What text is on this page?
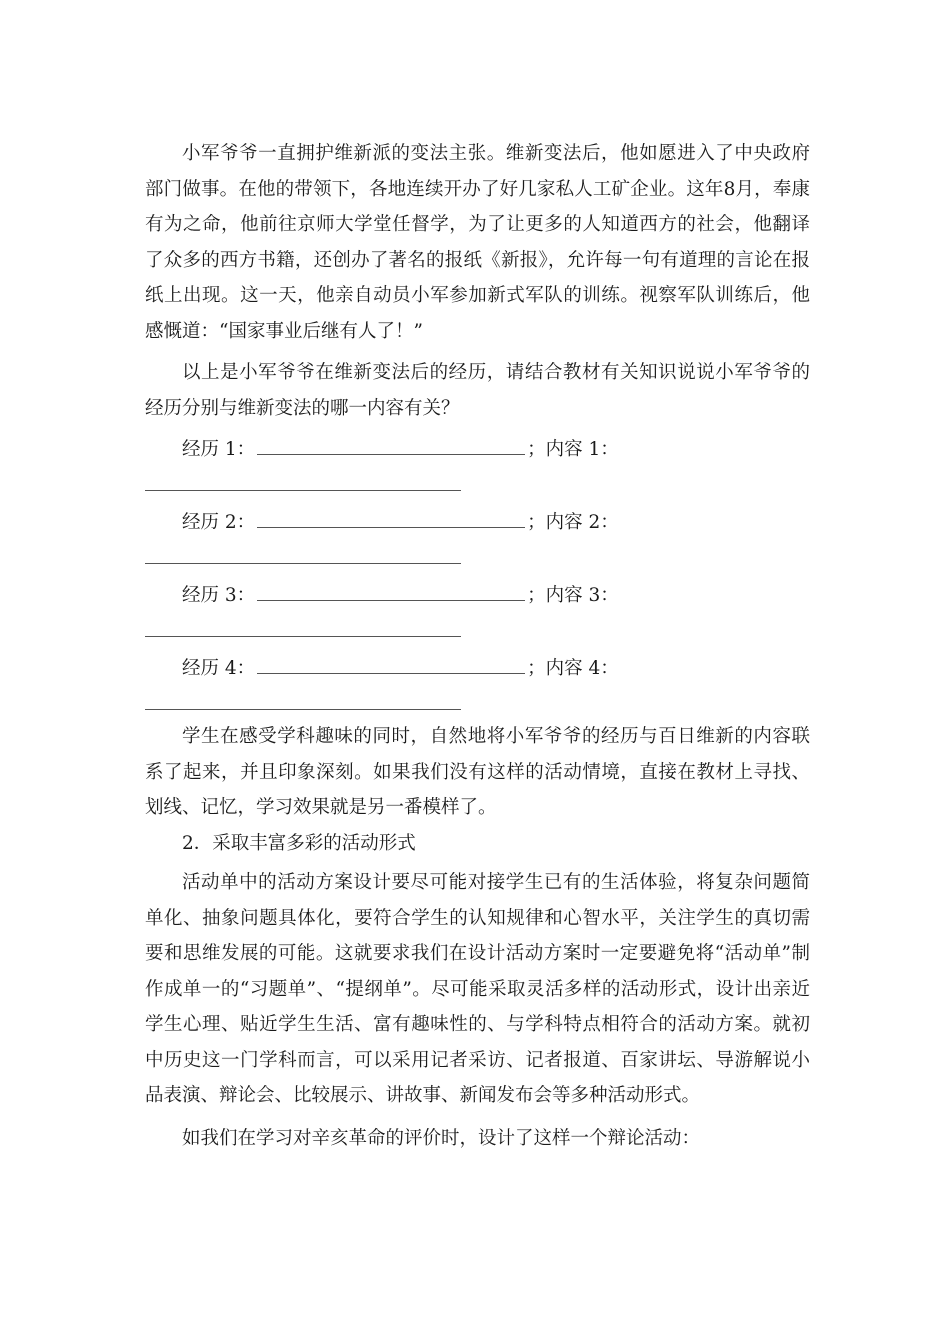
小军爷爷一直拥护维新派的变法主张。维新变法后，他如愿进入了中央政府部门做事。在他的带领下，各地连续开办了好几家私人工矿企业。这年8月，奉康有为之命，他前往京师大学堂任督学，为了让更多的人知道西方的社会，他翻译了众多的西方书籍，还创办了著名的报纸《新报》，允许每一句有道理的言论在报纸上出现。这一天，他亲自动员小军参加新式军队的训练。视察军队训练后，他感慨道：“国家事业后继有人了！”

以上是小军爷爷在维新变法后的经历，请结合教材有关知识说说小军爷爷的经历分别与维新变法的哪一内容有关？

经历 1：	；内容 1：
经历 2：	；内容 2：
经历 3：	；内容 3：
经历 4：	；内容 4：

学生在感受学科趣味的同时，自然地将小军爷爷的经历与百日维新的内容联系了起来，并且印象深刻。如果我们没有这样的活动情境，直接在教材上寻找、划线、记忆，学习效果就是另一番模样了。

2．采取丰富多彩的活动形式

活动单中的活动方案设计要尽可能对接学生已有的生活体验，将复杂问题简单化、抽象问题具体化，要符合学生的认知规律和心智水平，关注学生的真切需要和思维发展的可能。这就要求我们在设计活动方案时一定要避免将“活动单”制作成单一的“习题单”、“提纲单”。尽可能采取灵活多样的活动形式，设计出亲近学生心理、贴近学生生活、富有趣味性的、与学科特点相符合的活动方案。就初中历史这一门学科而言，可以采用记者采访、记者报道、百家讲坛、导游解说小品表演、辩论会、比较展示、讲故事、新闻发布会等多种活动形式。

如我们在学习对辛亥革命的评价时，设计了这样一个辩论活动：
